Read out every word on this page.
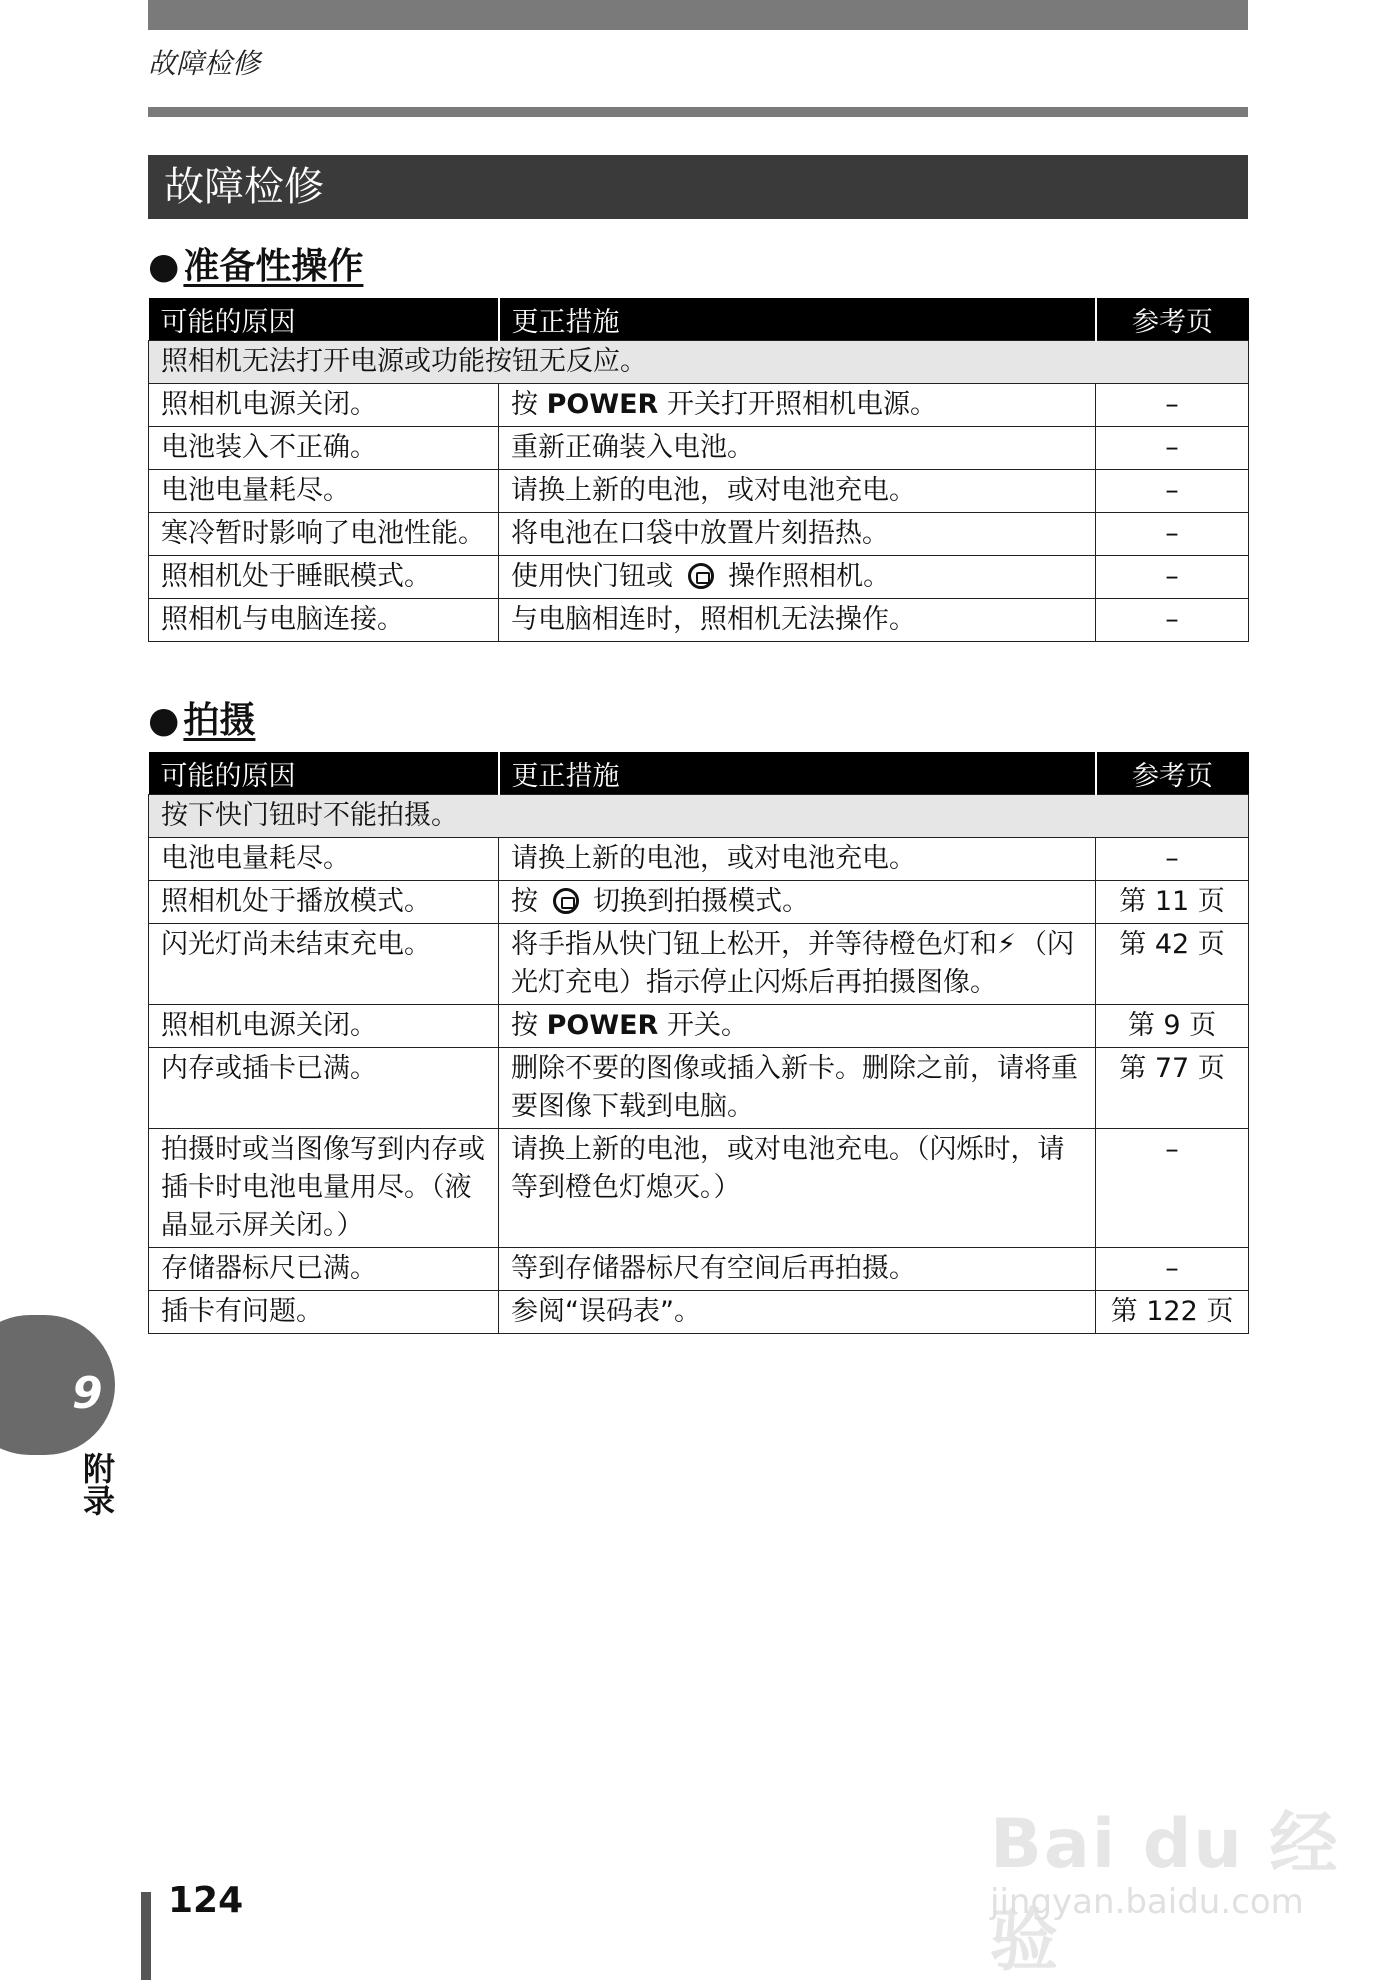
故障检修
故障检修
● 准备性操作
可能的原因	更正措施	参考页
照相机无法打开电源或功能按钮无反应。		
照相机电源关闭。	按 POWER 开关打开照相机电源。	–
电池装入不正确。	重新正确装入电池。	–
电池电量耗尽。	请换上新的电池，或对电池充电。	–
寒冷暂时影响了电池性能。	将电池在口袋中放置片刻捂热。	–
照相机处于睡眠模式。	使用快门钮或  操作照相机。	–
照相机与电脑连接。	与电脑相连时，照相机无法操作。	–
● 拍摄
可能的原因	更正措施	参考页
按下快门钮时不能拍摄。		
电池电量耗尽。	请换上新的电池，或对电池充电。	–
照相机处于播放模式。	按  切换到拍摄模式。	第 11 页
闪光灯尚未结束充电。	将手指从快门钮上松开，并等待橙色灯和⚡ （闪光灯充电）指示停止闪烁后再拍摄图像。	第 42 页
照相机电源关闭。	按 POWER 开关。	第 9 页
内存或插卡已满。	删除不要的图像或插入新卡。删除之前，请将重要图像下载到电脑。	第 77 页
拍摄时或当图像写到内存或插卡时电池电量用尽。（液晶显示屏关闭。）	请换上新的电池，或对电池充电。（闪烁时，请等到橙色灯熄灭。）	–
存储器标尺已满。	等到存储器标尺有空间后再拍摄。	–
插卡有问题。	参阅“误码表”。	第 122 页
9
附录
124
Bai du 经验
jingyan.baidu.com
